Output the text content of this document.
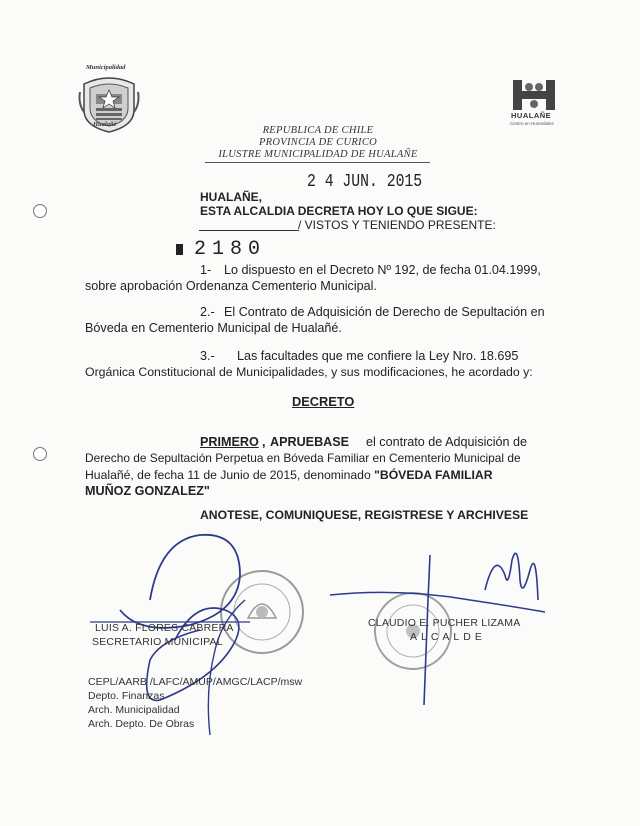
Municipalidad
Hualañé
HUALAÑE
Centro en Humedales
REPUBLICA DE CHILE
PROVINCIA DE CURICO
ILUSTRE MUNICIPALIDAD DE HUALAÑE
2 4 JUN. 2015
HUALAÑE,
ESTA ALCALDIA DECRETA HOY LO QUE SIGUE:
/ VISTOS Y TENIENDO PRESENTE:
2180
1- Lo dispuesto en el Decreto Nº 192, de fecha 01.04.1999,
sobre aprobación Ordenanza Cementerio Municipal.
2.- El Contrato de Adquisición de Derecho de Sepultación en
Bóveda en Cementerio Municipal de Hualañé.
3.- Las facultades que me confiere la Ley Nro. 18.695
Orgánica Constitucional de Municipalidades, y sus modificaciones, he acordado y:
DECRETO
PRIMERO , APRUEBASE el contrato de Adquisición de
Derecho de Sepultación Perpetua en Bóveda Familiar en Cementerio Municipal de
Hualañé, de fecha 11 de Junio de 2015, denominado "BÓVEDA FAMILIAR
MUÑOZ GONZALEZ"
ANOTESE, COMUNIQUESE, REGISTRESE Y ARCHIVESE
LUIS A. FLORES CABRERA
SECRETARIO MUNICIPAL
CLAUDIO E. PUCHER LIZAMA
ALCALDE
CEPL/AARB /LAFC/AMUP/AMGC/LACP/msw
Depto. Finanzas
Arch. Municipalidad
Arch. Depto. De Obras
